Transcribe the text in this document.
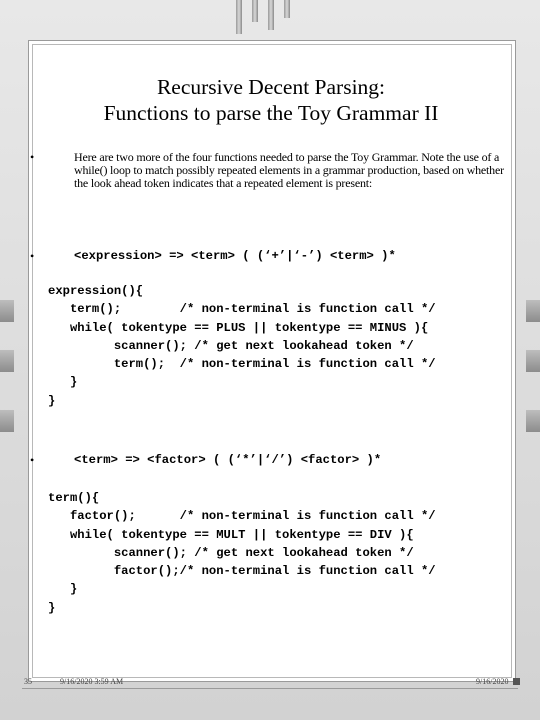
Recursive Decent Parsing:
Functions to parse the Toy Grammar II
•	Here are two more of the four functions needed to parse the Toy Grammar. Note the use of a while() loop to match possibly repeated elements in a grammar production, based on whether the look ahead token indicates that a repeated element is present:
•	<expression> => <term> ( (‘+’|‘-’) <term> )*
expression(){
term();        /* non-terminal is function call */
while( tokentype == PLUS || tokentype == MINUS ){
scanner(); /* get next lookahead token */
term();  /* non-terminal is function call */
}
}
•	<term> => <factor> ( (‘*’|‘/’) <factor> )*
term(){
factor();      /* non-terminal is function call */
while( tokentype == MULT || tokentype == DIV ){
scanner(); /* get next lookahead token */
factor();/* non-terminal is function call */
}
}
35	9/16/2020 3:59 AM	9/16/2020
